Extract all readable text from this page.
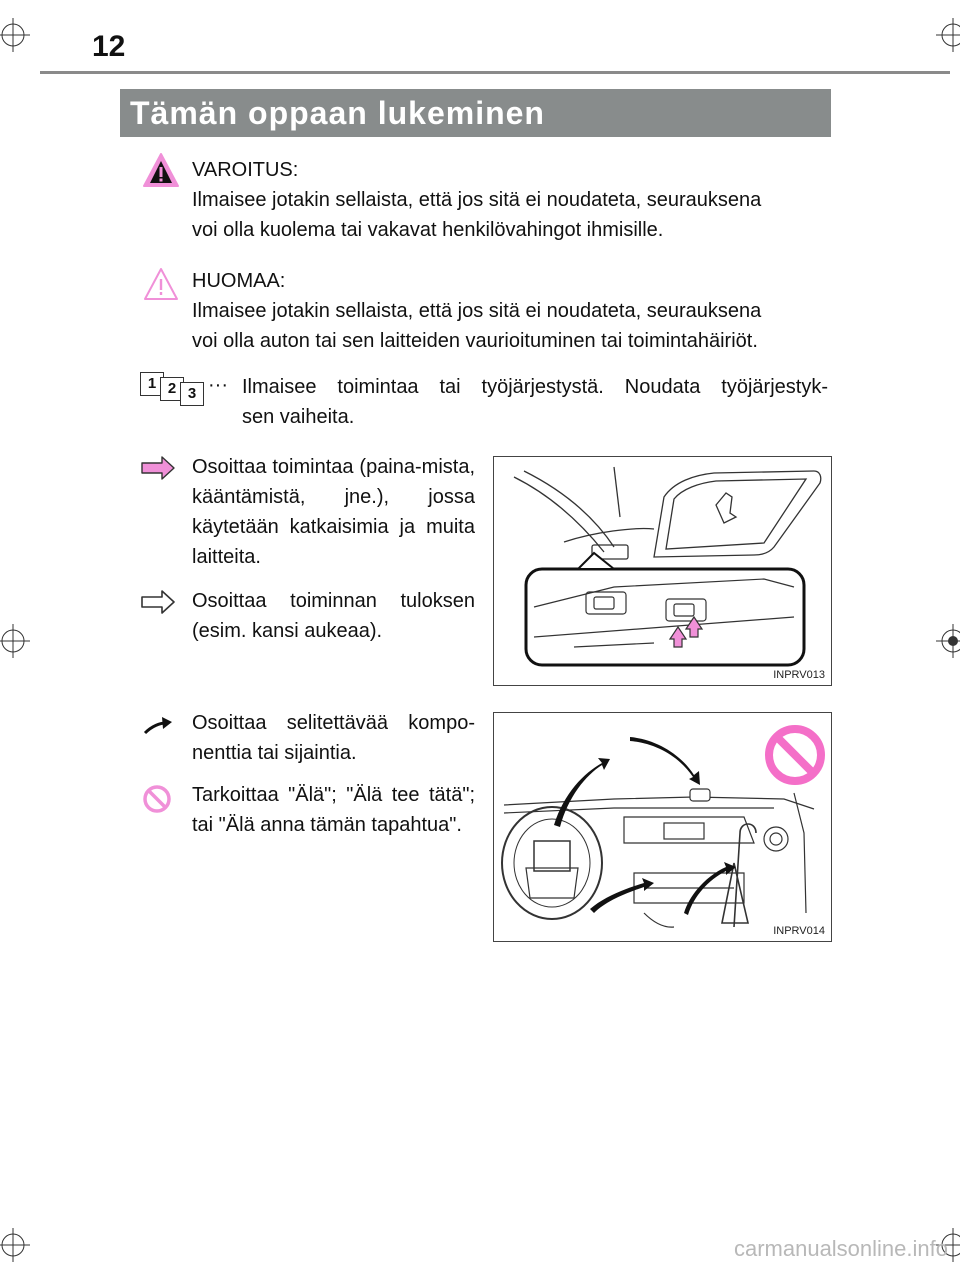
12
Tämän oppaan lukeminen
VAROITUS:
Ilmaisee jotakin sellaista, että jos sitä ei noudateta, seurauksena
voi olla kuolema tai vakavat henkilövahingot ihmisille.
HUOMAA:
Ilmaisee jotakin sellaista, että jos sitä ei noudateta, seurauksena
voi olla auton tai sen laitteiden vaurioituminen tai toimintahäiriöt.
1 2 3 ··· Ilmaisee toimintaa tai työjärjestystä. Noudata työjärjestyk-
sen vaiheita.
Osoittaa toimintaa (paina-mista, kääntämistä, jne.), jossa käytetään katkaisimia ja muita laitteita.
Osoittaa toiminnan tuloksen (esim. kansi aukeaa).
INPRV013
Osoittaa selitettävää kompo-nenttia tai sijaintia.
Tarkoittaa "Älä"; "Älä tee tätä"; tai "Älä anna tämän tapahtua".
INPRV014
carmanualsonline.info
